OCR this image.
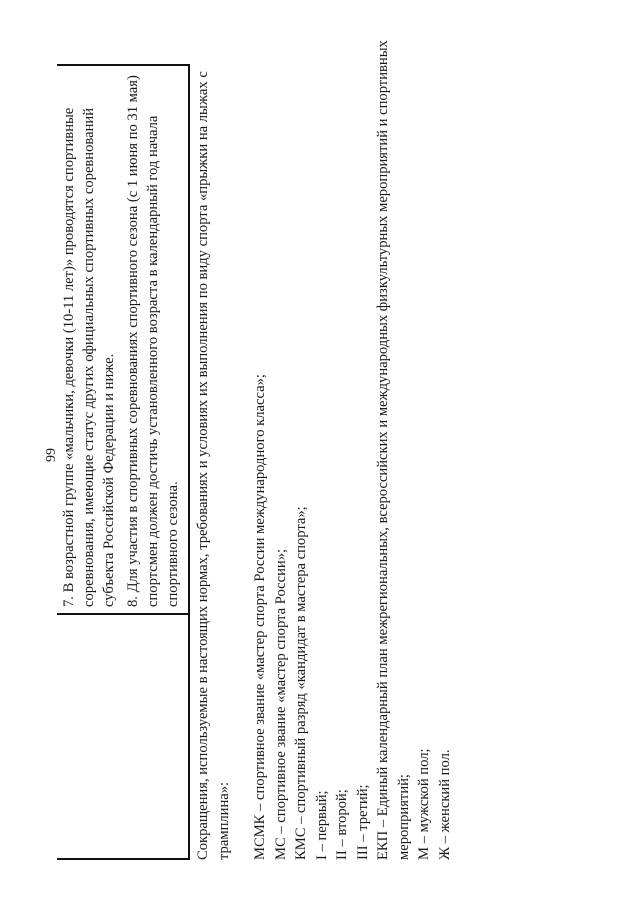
99 7. В возрастной группе «мальчики, девочки (10-11 лет)» проводятся спортивные соревнования, имеющие статус других официальных спортивных соревнований субъекта Российской Федерации и ниже. 8. Для участия в спортивных соревнованиях спортивного сезона (с 1 июня по 31 мая) спортсмен должен достичь установленного возраста в календарный год начала спортивного сезона. Сокращения, используемые в настоящих нормах, требованиях и условиях их выполнения по виду спорта «прыжки на лыжах с трамплина»: МСМК – спортивное звание «мастер спорта России международного класса»; МС – спортивное звание «мастер спорта России»; КМС – спортивный разряд «кандидат в мастера спорта»; I – первый; II – второй; III – третий; ЕКП – Единый календарный план межрегиональных, всероссийских и международных физкультурных мероприятий и спортивных мероприятий; М – мужской пол; Ж – женский пол.
